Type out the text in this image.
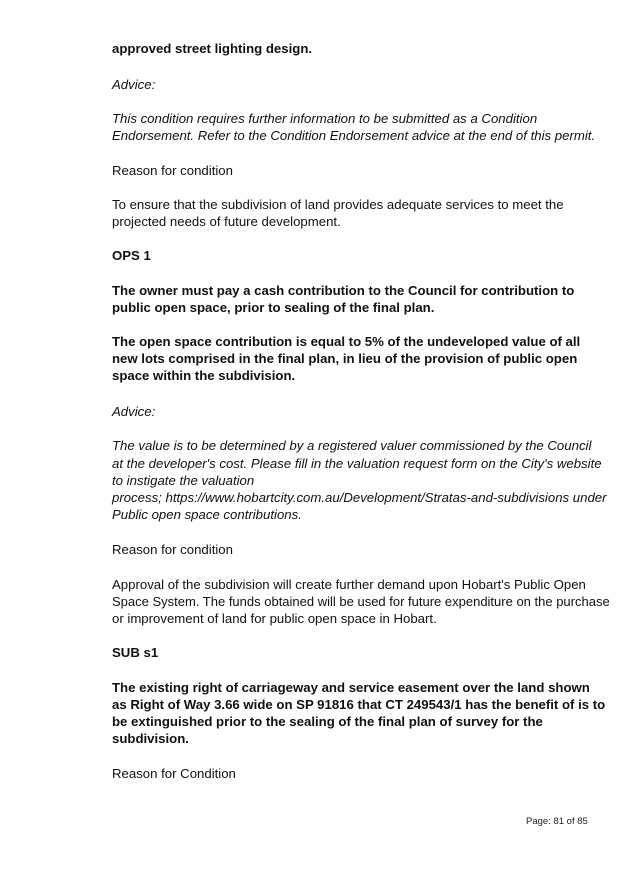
approved street lighting design.

Advice:

This condition requires further information to be submitted as a Condition

Endorsement. Refer to the Condition Endorsement advice at the end of this permit.

Reason for condition

To ensure that the subdivision of land provides adequate services to meet the

projected needs of future development.

OPS 1

The owner must pay a cash contribution to the Council for contribution to

public open space, prior to sealing of the final plan.

The open space contribution is equal to 5% of the undeveloped value of all

new lots comprised in the final plan, in lieu of the provision of public open

space within the subdivision.

Advice:

The value is to be determined by a registered valuer commissioned by the Council

at the developer's cost. Please fill in the valuation request form on the City's website

to instigate the valuation

process; https://www.hobartcity.com.au/Development/Stratas-and-subdivisions under

Public open space contributions.

Reason for condition

Approval of the subdivision will create further demand upon Hobart's Public Open

Space System. The funds obtained will be used for future expenditure on the purchase

or improvement of land for public open space in Hobart.

SUB s1

The existing right of carriageway and service easement over the land shown

as Right of Way 3.66 wide on SP 91816 that CT 249543/1 has the benefit of is to

be extinguished prior to the sealing of the final plan of survey for the

subdivision.

Reason for Condition

Page: 81 of 85
